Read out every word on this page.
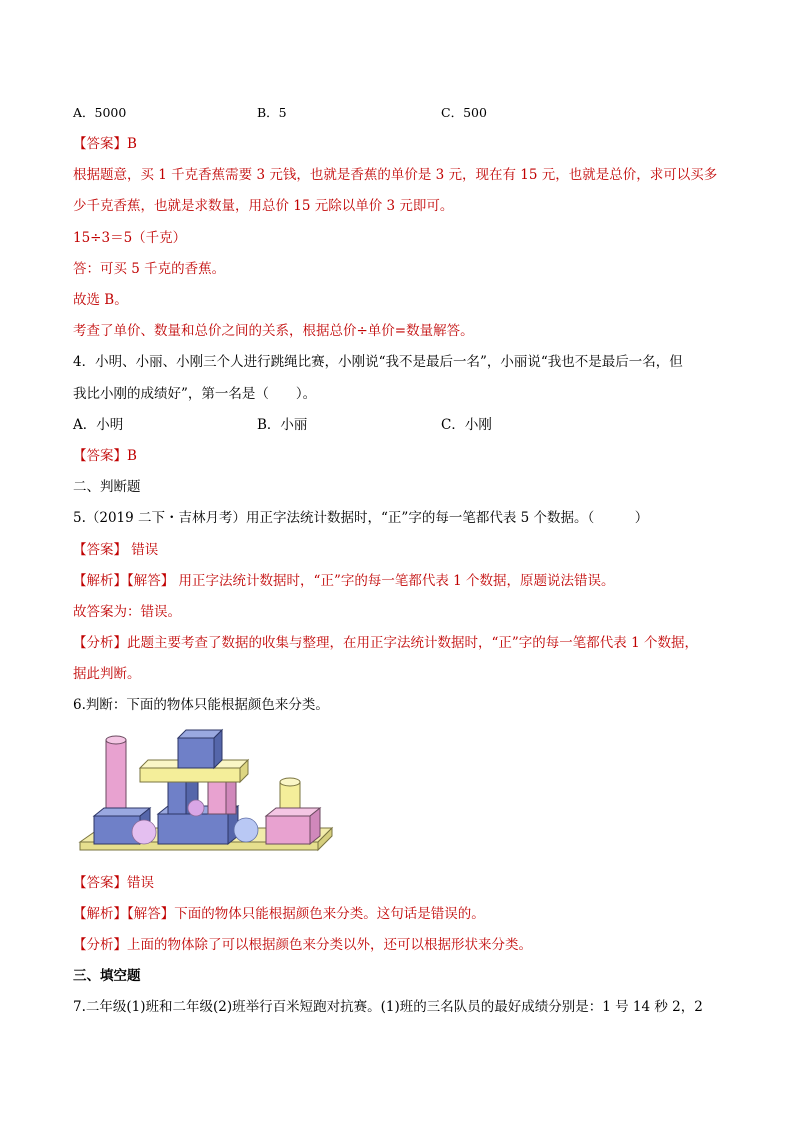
A．5000	B．5	C．500
【答案】B
根据题意，买 1 千克香蕉需要 3 元钱，也就是香蕉的单价是 3 元，现在有 15 元，也就是总价，求可以买多
少千克香蕉，也就是求数量，用总价 15 元除以单价 3 元即可。
15÷3＝5（千克）
答：可买 5 千克的香蕉。
故选 B。
考查了单价、数量和总价之间的关系，根据总价÷单价=数量解答。
4．小明、小丽、小刚三个人进行跳绳比赛，小刚说“我不是最后一名”，小丽说“我也不是最后一名，但
我比小刚的成绩好”，第一名是（　　）。
A．小明	B．小丽	C．小刚
【答案】B
二、判断题
5.（2019 二下・吉林月考）用正字法统计数据时，“正”字的每一笔都代表 5 个数据。（　　　）
【答案】 错误
【解析】【解答】 用正字法统计数据时，“正”字的每一笔都代表 1 个数据，原题说法错误。
故答案为：错误。
【分析】此题主要考查了数据的收集与整理，在用正字法统计数据时，“正”字的每一笔都代表 1 个数据，
据此判断。
6.判断：下面的物体只能根据颜色来分类。
【答案】错误
【解析】【解答】下面的物体只能根据颜色来分类。这句话是错误的。
【分析】上面的物体除了可以根据颜色来分类以外，还可以根据形状来分类。
三、填空题
7.二年级(1)班和二年级(2)班举行百米短跑对抗赛。(1)班的三名队员的最好成绩分别是：1 号 14 秒 2，2
